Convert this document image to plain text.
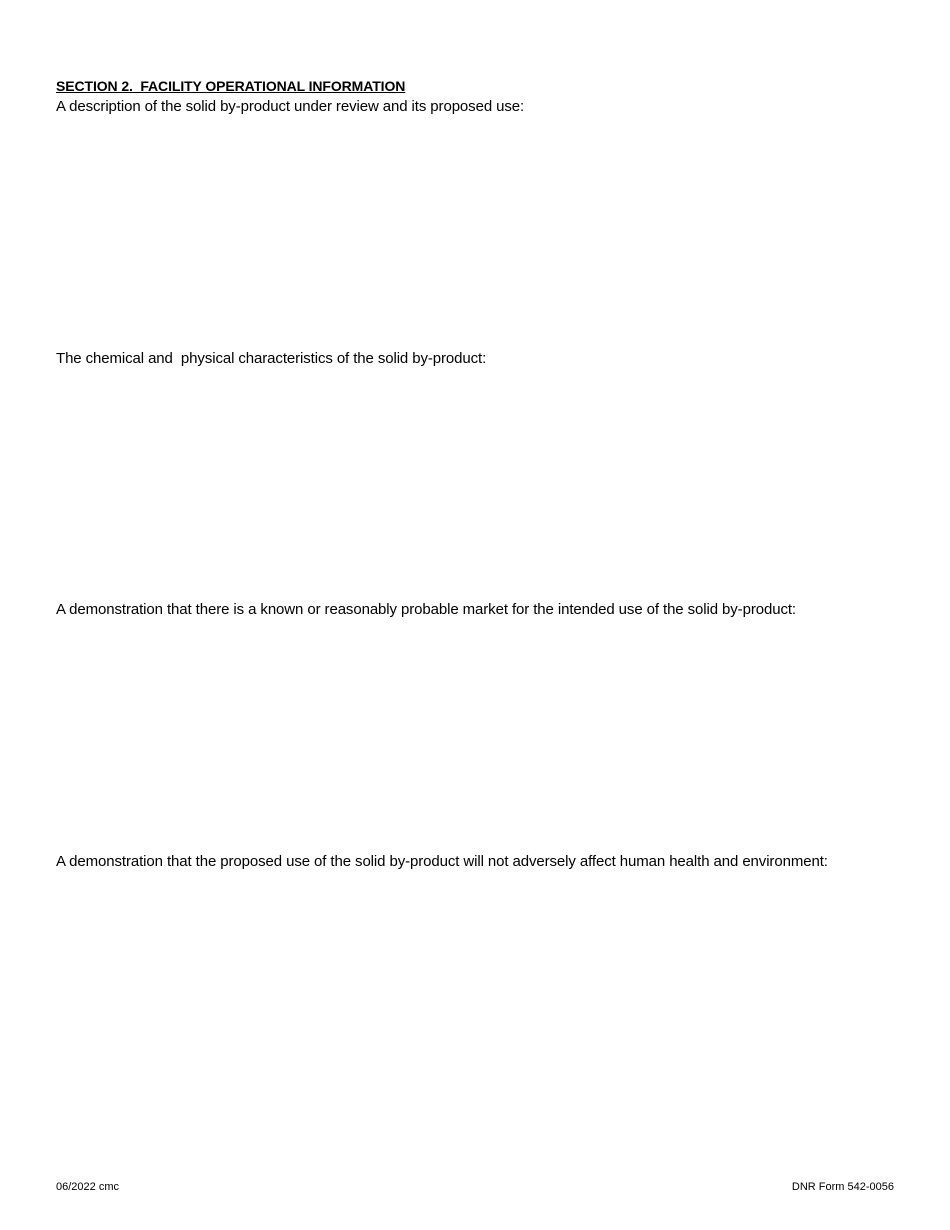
SECTION 2.  FACILITY OPERATIONAL INFORMATION
A description of the solid by-product under review and its proposed use:
The chemical and  physical characteristics of the solid by-product:
A demonstration that there is a known or reasonably probable market for the intended use of the solid by-product:
A demonstration that the proposed use of the solid by-product will not adversely affect human health and environment:
06/2022 cmc	DNR Form 542-0056
